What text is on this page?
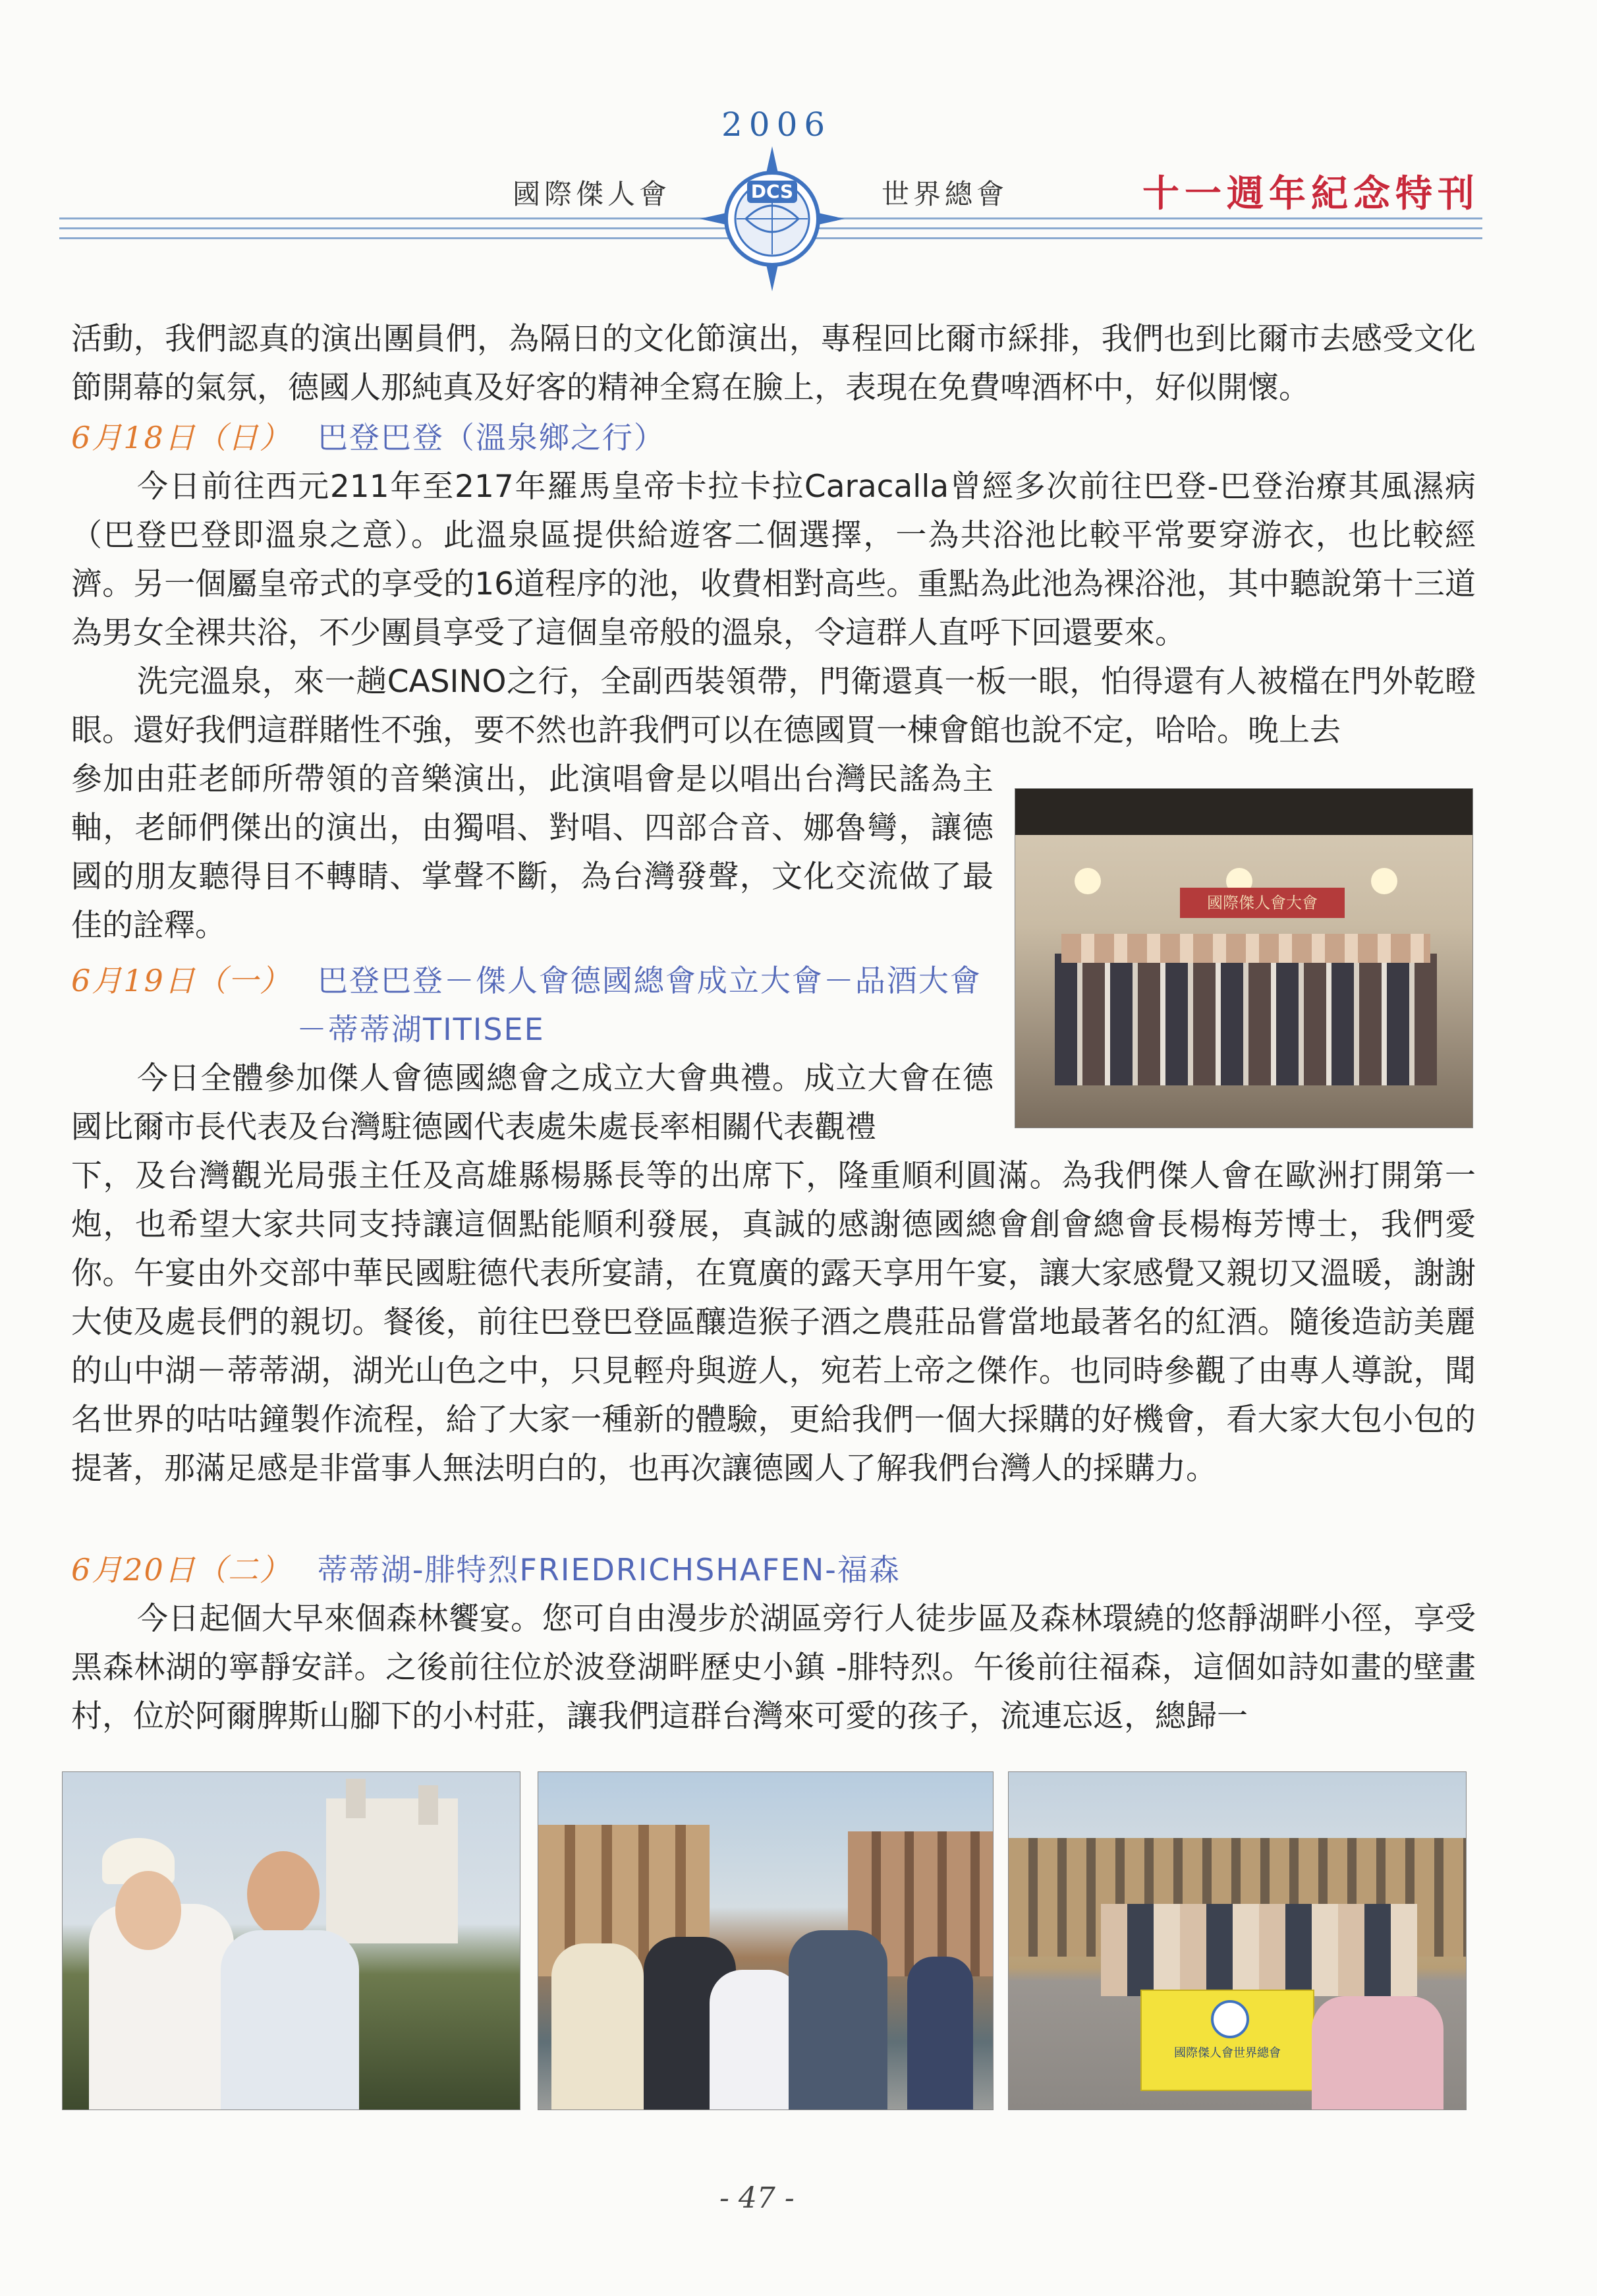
2006
國際傑人會	世界總會	十一週年紀念特刊
DCS

活動，我們認真的演出團員們，為隔日的文化節演出，專程回比爾市綵排，我們也到比爾市去感受文化節開幕的氣氛，德國人那純真及好客的精神全寫在臉上，表現在免費啤酒杯中，好似開懷。

6月18日（日） 巴登巴登（溫泉鄉之行）

今日前往西元211年至217年羅馬皇帝卡拉卡拉Caracalla曾經多次前往巴登-巴登治療其風濕病（巴登巴登即溫泉之意）。此溫泉區提供給遊客二個選擇，一為共浴池比較平常要穿游衣，也比較經濟。另一個屬皇帝式的享受的16道程序的池，收費相對高些。重點為此池為裸浴池，其中聽說第十三道為男女全裸共浴，不少團員享受了這個皇帝般的溫泉，令這群人直呼下回還要來。

洗完溫泉，來一趟CASINO之行，全副西裝領帶，門衛還真一板一眼，怕得還有人被檔在門外乾瞪眼。還好我們這群賭性不強，要不然也許我們可以在德國買一棟會館也說不定，哈哈。晚上去

參加由莊老師所帶領的音樂演出，此演唱會是以唱出台灣民謠為主軸，老師們傑出的演出，由獨唱、對唱、四部合音、娜魯彎，讓德國的朋友聽得目不轉睛、掌聲不斷，為台灣發聲，文化交流做了最佳的詮釋。

國際傑人會大會
6月19日（一） 巴登巴登－傑人會德國總會成立大會－品酒大會
－蒂蒂湖TITISEE

今日全體參加傑人會德國總會之成立大會典禮。成立大會在德國比爾市長代表及台灣駐德國代表處朱處長率相關代表觀禮

下，及台灣觀光局張主任及高雄縣楊縣長等的出席下，隆重順利圓滿。為我們傑人會在歐洲打開第一炮，也希望大家共同支持讓這個點能順利發展，真誠的感謝德國總會創會總會長楊梅芳博士，我們愛你。午宴由外交部中華民國駐德代表所宴請，在寬廣的露天享用午宴，讓大家感覺又親切又溫暖，謝謝大使及處長們的親切。餐後，前往巴登巴登區釀造猴子酒之農莊品嘗當地最著名的紅酒。隨後造訪美麗的山中湖－蒂蒂湖，湖光山色之中，只見輕舟與遊人，宛若上帝之傑作。也同時參觀了由專人導說，聞名世界的咕咕鐘製作流程，給了大家一種新的體驗，更給我們一個大採購的好機會，看大家大包小包的提著，那滿足感是非當事人無法明白的，也再次讓德國人了解我們台灣人的採購力。

6月20日（二） 蒂蒂湖-腓特烈FRIEDRICHSHAFEN-福森

今日起個大早來個森林饗宴。您可自由漫步於湖區旁行人徒步區及森林環繞的悠靜湖畔小徑，享受黑森林湖的寧靜安詳。之後前往位於波登湖畔歷史小鎮 -腓特烈。午後前往福森，這個如詩如畫的壁畫村，位於阿爾脾斯山腳下的小村莊，讓我們這群台灣來可愛的孩子，流連忘返，總歸一

國際傑人會世界總會
- 47 -
